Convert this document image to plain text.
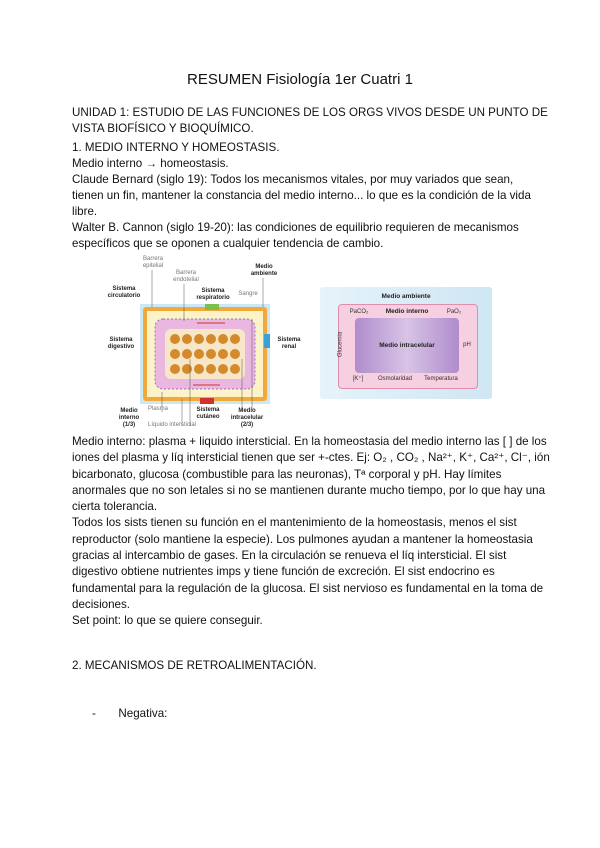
RESUMEN Fisiología 1er Cuatri 1
UNIDAD 1: ESTUDIO DE LAS FUNCIONES DE LOS ORGS VIVOS DESDE UN PUNTO DE
VISTA BIOFÍSICO Y BIOQUÍMICO.
1. MEDIO INTERNO Y HOMEOSTASIS.
Medio interno → homeostasis.
Claude Bernard (siglo 19): Todos los mecanismos vitales, por muy variados que sean,
tienen un fin, mantener la constancia del medio interno... lo que es la condición de la vida
libre.
Walter B. Cannon (siglo 19-20): las condiciones de equilibrio requieren de mecanismos
específicos que se oponen a cualquier tendencia de cambio.
Barrera epitelial
Barrera endotelial
Medio ambiente
Sistema circulatorio
Sistema respiratorio
Sangre
Sistema digestivo
Sistema renal
Sistema cutáneo
Medio interno (1/3)
Plasma
Líquido intersticial
Medio intracelular (2/3)
Medio ambiente
PaCO₂	Medio interno	PaO₂
Glucemia	Medio intracelular	pH
[K⁺]	Osmolaridad	Temperatura
Medio interno: plasma + liquido intersticial. En la homeostasia del medio interno las [ ] de los
iones del plasma y líq intersticial tienen que ser +-ctes. Ej: O₂ , CO₂ , Na²⁺, K⁺, Ca²⁺, Cl⁻, ión
bicarbonato, glucosa (combustible para las neuronas), Tª corporal y pH. Hay límites
anormales que no son letales si no se mantienen durante mucho tiempo, por lo que hay una
cierta tolerancia.
Todos los sists tienen su función en el mantenimiento de la homeostasis, menos el sist
reproductor (solo mantiene la especie). Los pulmones ayudan a mantener la homeostasia
gracias al intercambio de gases. En la circulación se renueva el líq intersticial. El sist
digestivo obtiene nutrientes imps y tiene función de excreción. El sist endocrino es
fundamental para la regulación de la glucosa. El sist nervioso es fundamental en la toma de
decisiones.
Set point: lo que se quiere conseguir.

2. MECANISMOS DE RETROALIMENTACIÓN.

-       Negativa:
